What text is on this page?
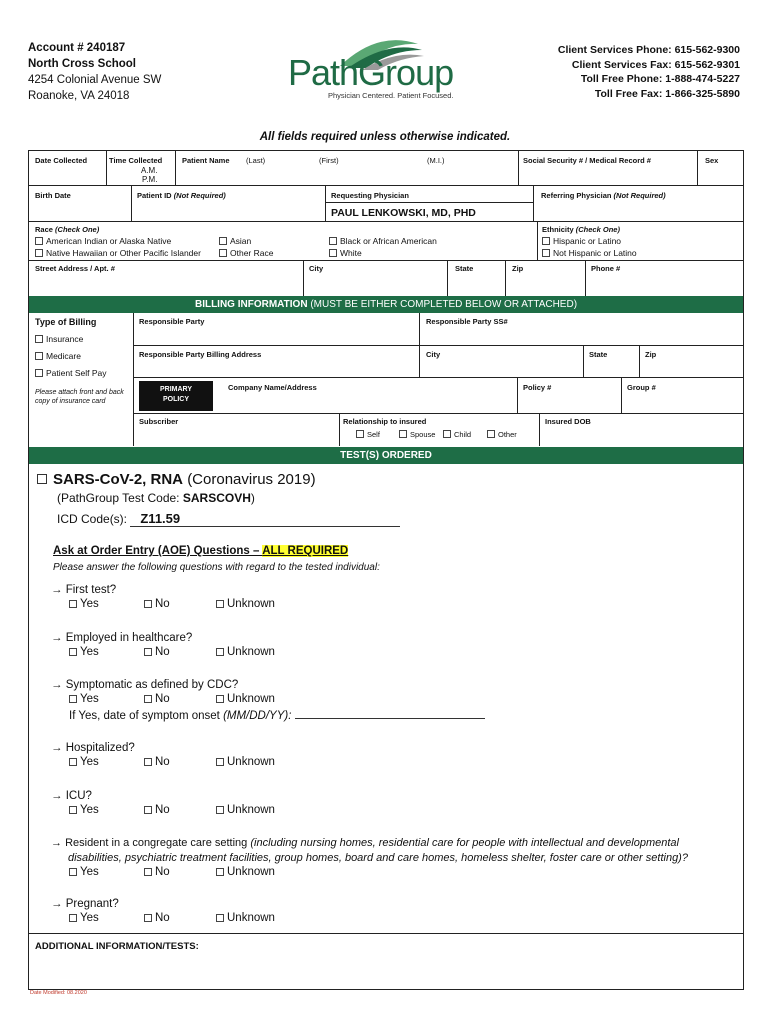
Account # 240187
North Cross School
4254 Colonial Avenue SW
Roanoke, VA 24018
PathGroup
Physician Centered. Patient Focused.
Client Services Phone: 615-562-9300
Client Services Fax: 615-562-9301
Toll Free Phone: 1-888-474-5227
Toll Free Fax: 1-866-325-5890
All fields required unless otherwise indicated.
Date Collected	Time Collected
A.M.
P.M.
Patient Name (Last)	(First)	(M.I.)	Social Security # / Medical Record #	Sex
Birth Date	Patient ID (Not Required)	Requesting Physician
PAUL LENKOWSKI, MD, PHD
Referring Physician (Not Required)
Race (Check One)
American Indian or Alaska Native	Asian	Black or African American
Native Hawaiian or Other Pacific Islander	Other Race	White
Ethnicity (Check One)
Hispanic or Latino
Not Hispanic or Latino
Street Address / Apt. #	City	State	Zip	Phone #
BILLING INFORMATION (MUST BE EITHER COMPLETED BELOW OR ATTACHED)
Type of Billing
Insurance
Medicare
Patient Self Pay
Please attach front and back copy of insurance card
Responsible Party	Responsible Party SS#
Responsible Party Billing Address	City	State	Zip
PRIMARY
POLICY
Company Name/Address	Policy #	Group #
Subscriber	Relationship to insured
Self	Spouse	Child	Other
Insured DOB
TEST(S) ORDERED
SARS-CoV-2, RNA (Coronavirus 2019)
(PathGroup Test Code: SARSCOVH)
ICD Code(s): Z11.59
Ask at Order Entry (AOE) Questions – ALL REQUIRED
Please answer the following questions with regard to the tested individual:
→ First test?
Yes	No	Unknown
→ Employed in healthcare?
Yes	No	Unknown
→ Symptomatic as defined by CDC?
Yes	No	Unknown
If Yes, date of symptom onset (MM/DD/YY):
→ Hospitalized?
Yes	No	Unknown
→ ICU?
Yes	No	Unknown
→ Resident in a congregate care setting (including nursing homes, residential care for people with intellectual and developmental
disabilities, psychiatric treatment facilities, group homes, board and care homes, homeless shelter, foster care or other setting)?
Yes	No	Unknown
→ Pregnant?
Yes	No	Unknown
ADDITIONAL INFORMATION/TESTS:
Date Modified: 08.2020
